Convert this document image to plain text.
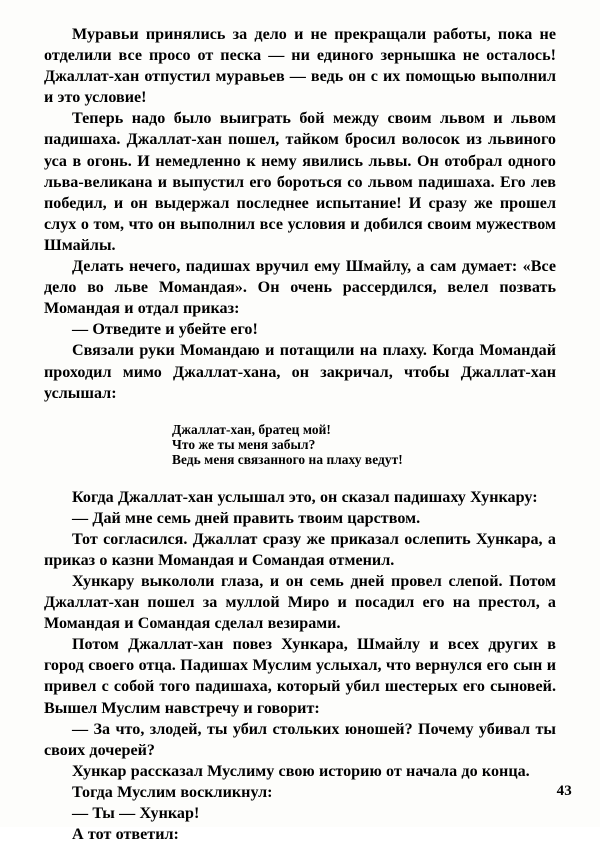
Муравьи принялись за дело и не прекращали работы, пока не отделили все просо от песка — ни единого зернышка не осталось! Джаллат-хан отпустил муравьев — ведь он с их помощью выполнил и это условие!

Теперь надо было выиграть бой между своим львом и львом падишаха. Джаллат-хан пошел, тайком бросил волосок из львиного уса в огонь. И немедленно к нему явились львы. Он отобрал одного льва-великана и выпустил его бороться со львом падишаха. Его лев победил, и он выдержал последнее испытание! И сразу же прошел слух о том, что он выполнил все условия и добился своим мужеством Шмайлы.

Делать нечего, падишах вручил ему Шмайлу, а сам думает: «Все дело во льве Момандая». Он очень рассердился, велел позвать Момандая и отдал приказ:

— Отведите и убейте его!

Связали руки Момандаю и потащили на плаху. Когда Момандай проходил мимо Джаллат-хана, он закричал, чтобы Джаллат-хан услышал:

Джаллат-хан, братец мой!
Что же ты меня забыл?
Ведь меня связанного на плаху ведут!

Когда Джаллат-хан услышал это, он сказал падишаху Хункару:

— Дай мне семь дней править твоим царством.

Тот согласился. Джаллат сразу же приказал ослепить Хункара, а приказ о казни Момандая и Сомандая отменил.

Хункару выкололи глаза, и он семь дней провел слепой. Потом Джаллат-хан пошел за муллой Миро и посадил его на престол, а Момандая и Сомандая сделал везирами.

Потом Джаллат-хан повез Хункара, Шмайлу и всех других в город своего отца. Падишах Муслим услыхал, что вернулся его сын и привел с собой того падишаха, который убил шестерых его сыновей. Вышел Муслим навстречу и говорит:

— За что, злодей, ты убил стольких юношей? Почему убивал ты своих дочерей?

Хункар рассказал Муслиму свою историю от начала до конца.

Тогда Муслим воскликнул:

— Ты — Хункар!

А тот ответил:

43
